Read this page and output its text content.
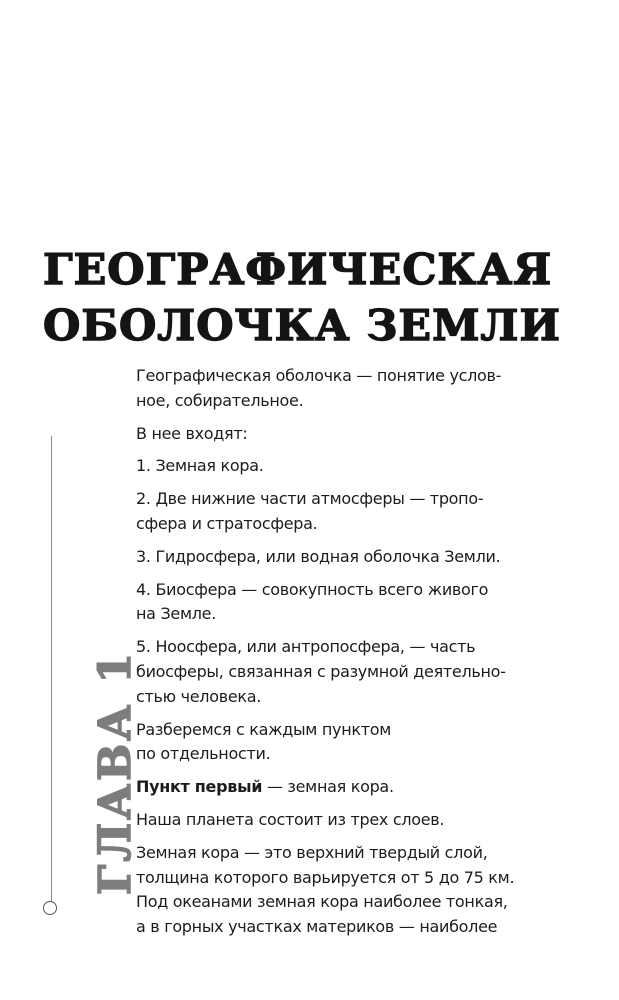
ГЕОГРАФИЧЕСКАЯ
ОБОЛОЧКА ЗЕМЛИ
ГЛАВА 1

Географическая оболочка — понятие услов-
ное, собирательное.

В нее входят:

1. Земная кора.

2. Две нижние части атмосферы — тропо-
сфера и стратосфера.

3. Гидросфера, или водная оболочка Земли.

4. Биосфера — совокупность всего живого
на Земле.

5. Ноосфера, или антропосфера, — часть
биосферы, связанная с разумной деятельно-
стью человека.

Разберемся с каждым пунктом
по отдельности.

Пункт первый — земная кора.

Наша планета состоит из трех слоев.

Земная кора — это верхний твердый слой,
толщина которого варьируется от 5 до 75 км.
Под океанами земная кора наиболее тонкая,
а в горных участках материков — наиболее
